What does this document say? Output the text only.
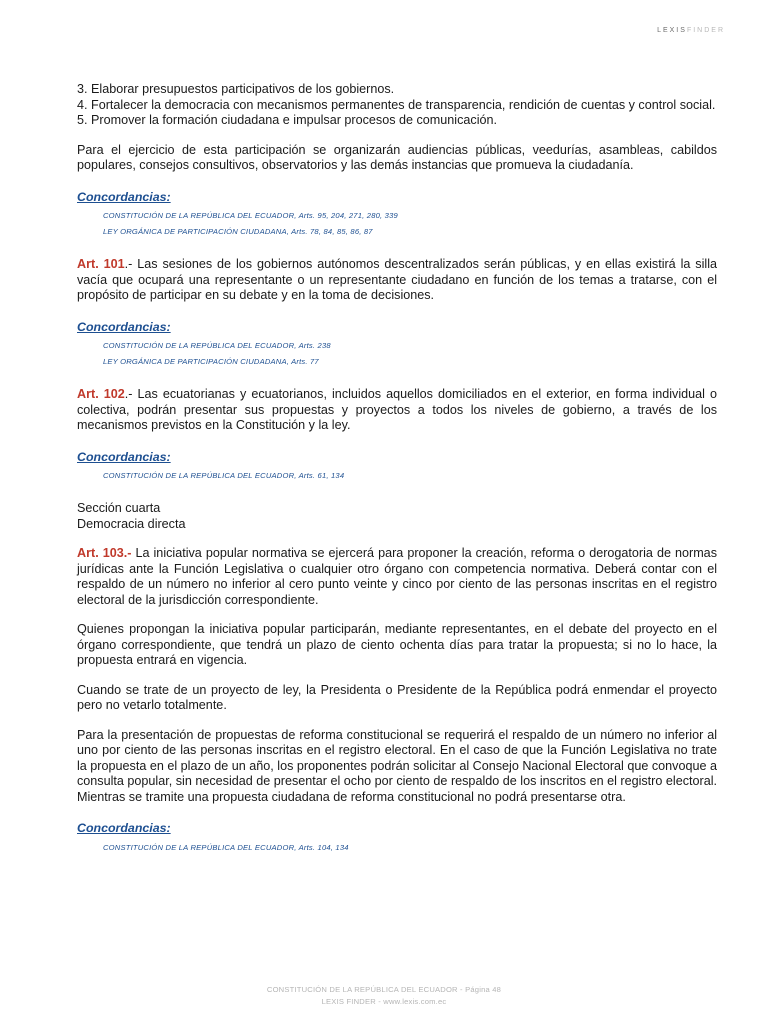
LEXISFINDER

3. Elaborar presupuestos participativos de los gobiernos.

4. Fortalecer la democracia con mecanismos permanentes de transparencia, rendición de cuentas y control social.

5. Promover la formación ciudadana e impulsar procesos de comunicación.

Para el ejercicio de esta participación se organizarán audiencias públicas, veedurías, asambleas, cabildos populares, consejos consultivos, observatorios y las demás instancias que promueva la ciudadanía.

Concordancias:
CONSTITUCIÓN DE LA REPÚBLICA DEL ECUADOR, Arts. 95, 204, 271, 280, 339
LEY ORGÁNICA DE PARTICIPACIÓN CIUDADANA, Arts. 78, 84, 85, 86, 87

Art. 101.- Las sesiones de los gobiernos autónomos descentralizados serán públicas, y en ellas existirá la silla vacía que ocupará una representante o un representante ciudadano en función de los temas a tratarse, con el propósito de participar en su debate y en la toma de decisiones.

Concordancias:
CONSTITUCIÓN DE LA REPÚBLICA DEL ECUADOR, Arts. 238
LEY ORGÁNICA DE PARTICIPACIÓN CIUDADANA, Arts. 77

Art. 102.- Las ecuatorianas y ecuatorianos, incluidos aquellos domiciliados en el exterior, en forma individual o colectiva, podrán presentar sus propuestas y proyectos a todos los niveles de gobierno, a través de los mecanismos previstos en la Constitución y la ley.

Concordancias:
CONSTITUCIÓN DE LA REPÚBLICA DEL ECUADOR, Arts. 61, 134

Sección cuarta

Democracia directa

Art. 103.- La iniciativa popular normativa se ejercerá para proponer la creación, reforma o derogatoria de normas jurídicas ante la Función Legislativa o cualquier otro órgano con competencia normativa. Deberá contar con el respaldo de un número no inferior al cero punto veinte y cinco por ciento de las personas inscritas en el registro electoral de la jurisdicción correspondiente.

Quienes propongan la iniciativa popular participarán, mediante representantes, en el debate del proyecto en el órgano correspondiente, que tendrá un plazo de ciento ochenta días para tratar la propuesta; si no lo hace, la propuesta entrará en vigencia.

Cuando se trate de un proyecto de ley, la Presidenta o Presidente de la República podrá enmendar el proyecto pero no vetarlo totalmente.

Para la presentación de propuestas de reforma constitucional se requerirá el respaldo de un número no inferior al uno por ciento de las personas inscritas en el registro electoral. En el caso de que la Función Legislativa no trate la propuesta en el plazo de un año, los proponentes podrán solicitar al Consejo Nacional Electoral que convoque a consulta popular, sin necesidad de presentar el ocho por ciento de respaldo de los inscritos en el registro electoral. Mientras se tramite una propuesta ciudadana de reforma constitucional no podrá presentarse otra.

Concordancias:
CONSTITUCIÓN DE LA REPÚBLICA DEL ECUADOR, Arts. 104, 134
CONSTITUCIÓN DE LA REPÚBLICA DEL ECUADOR - Página 48
LEXIS FINDER - www.lexis.com.ec
